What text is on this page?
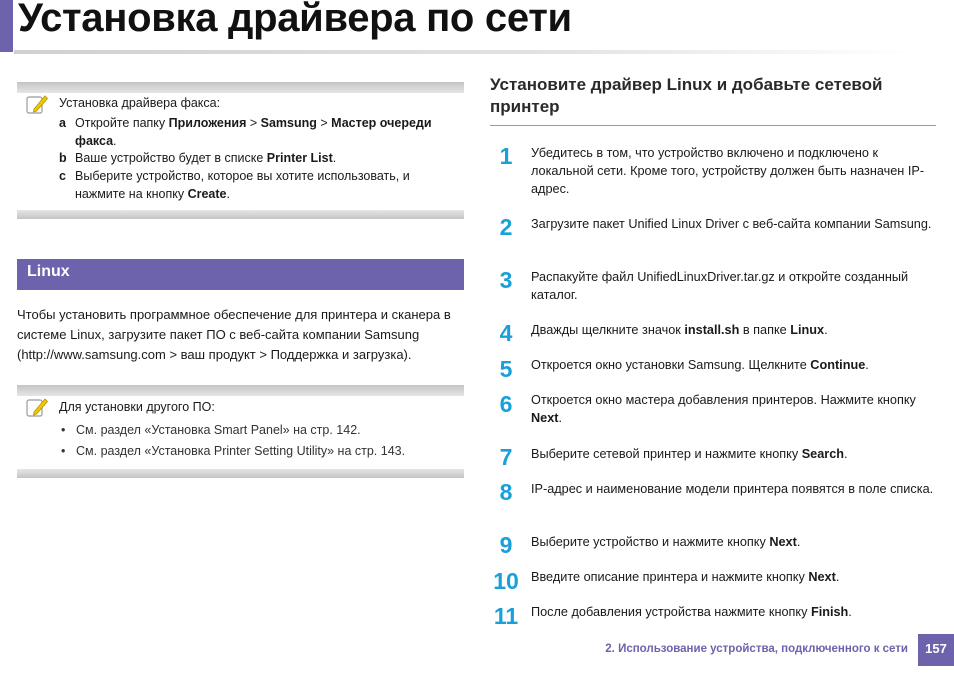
Установка драйвера по сети
Установка драйвера факса:
a Откройте папку Приложения > Samsung > Мастер очереди факса.
b Ваше устройство будет в списке Printer List.
c Выберите устройство, которое вы хотите использовать, и нажмите на кнопку Create.
Linux

Чтобы установить программное обеспечение для принтера и сканера в системе Linux, загрузите пакет ПО с веб-сайта компании Samsung (http://www.samsung.com > ваш продукт > Поддержка и загрузка).

Для установки другого ПО:
• См. раздел «Установка Smart Panel» на стр. 142.
• См. раздел «Установка Printer Setting Utility» на стр. 143.
Установите драйвер Linux и добавьте сетевой принтер
1	Убедитесь в том, что устройство включено и подключено к локальной сети. Кроме того, устройству должен быть назначен IP-адрес.
2	Загрузите пакет Unified Linux Driver с веб-сайта компании Samsung.
3	Распакуйте файл UnifiedLinuxDriver.tar.gz и откройте созданный каталог.
4	Дважды щелкните значок install.sh в папке Linux.
5	Откроется окно установки Samsung. Щелкните Continue.
6	Откроется окно мастера добавления принтеров. Нажмите кнопку Next.
7	Выберите сетевой принтер и нажмите кнопку Search.
8	IP-адрес и наименование модели принтера появятся в поле списка.
9	Выберите устройство и нажмите кнопку Next.
10 Введите описание принтера и нажмите кнопку Next.
11	После добавления устройства нажмите кнопку Finish.
2. Использование устройства, подключенного к сети	157
